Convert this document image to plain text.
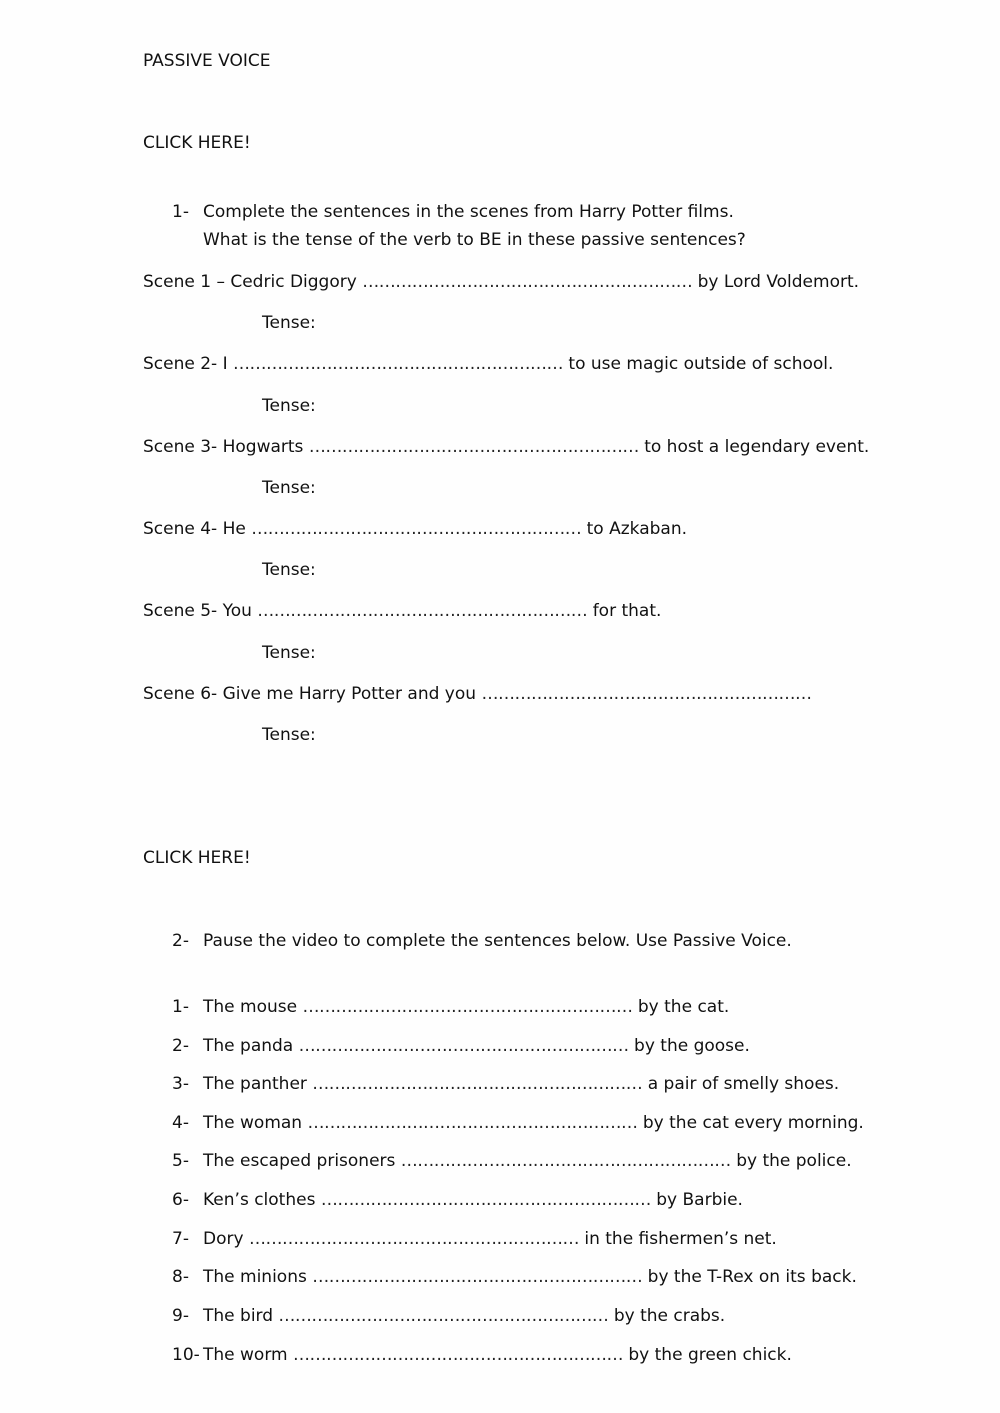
PASSIVE VOICE
CLICK HERE!
1- Complete the sentences in the scenes from Harry Potter films.
What is the tense of the verb to BE in these passive sentences?
Scene 1 – Cedric Diggory …………………………………………………… by Lord Voldemort.
Tense:
Scene 2- I …………………………………………………… to use magic outside of school.
Tense:
Scene 3- Hogwarts …………………………………………………… to host a legendary event.
Tense:
Scene 4- He …………………………………………………… to Azkaban.
Tense:
Scene 5- You …………………………………………………… for that.
Tense:
Scene 6- Give me Harry Potter and you ……………………………………………………
Tense:
CLICK HERE!
2- Pause the video to complete the sentences below. Use Passive Voice.
1- The mouse …………………………………………………… by the cat.
2- The panda …………………………………………………… by the goose.
3- The panther …………………………………………………… a pair of smelly shoes.
4- The woman …………………………………………………… by the cat every morning.
5- The escaped prisoners …………………………………………………… by the police.
6- Ken’s clothes …………………………………………………… by Barbie.
7- Dory …………………………………………………… in the fishermen’s net.
8- The minions …………………………………………………… by the T-Rex on its back.
9- The bird …………………………………………………… by the crabs.
10- The worm …………………………………………………… by the green chick.
